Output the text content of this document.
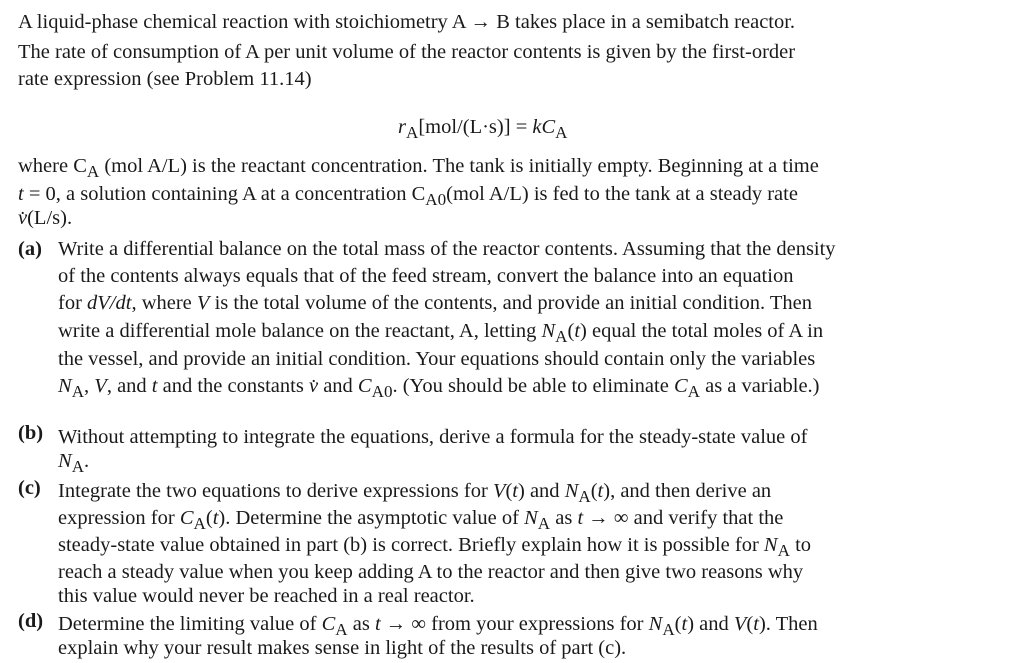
A liquid-phase chemical reaction with stoichiometry A → B takes place in a semibatch reactor.
The rate of consumption of A per unit volume of the reactor contents is given by the first-order
rate expression (see Problem 11.14)
$r_A[mol/(L\cdot s)] = kC_A$
where $C_A$ (mol A/L) is the reactant concentration. The tank is initially empty. Beginning at a time
t = 0, a solution containing A at a concentration $C_{A0}(mol$ A/L) is fed to the tank at a steady rate
v̇(L/s).
(a) Write a differential balance on the total mass of the reactor contents. Assuming that the density
of the contents always equals that of the feed stream, convert the balance into an equation
for dV/dt, where V is the total volume of the contents, and provide an initial condition. Then
write a differential mole balance on the reactant, A, letting $N_A(t)$ equal the total moles of A in
the vessel, and provide an initial condition. Your equations should contain only the variables
$N_A$, V, and t and the constants v̇ and $C_{A0}$. (You should be able to eliminate $C_A$ as a variable.)
(b) Without attempting to integrate the equations, derive a formula for the steady-state value of
$N_A$.
(c) Integrate the two equations to derive expressions for V(t) and $N_A(t)$, and then derive an
expression for $C_A(t)$. Determine the asymptotic value of $N_A$ as t → ∞ and verify that the
steady-state value obtained in part (b) is correct. Briefly explain how it is possible for $N_A$ to
reach a steady value when you keep adding A to the reactor and then give two reasons why
this value would never be reached in a real reactor.
(d) Determine the limiting value of $C_A$ as t → ∞ from your expressions for $N_A(t)$ and V(t). Then
explain why your result makes sense in light of the results of part (c).
